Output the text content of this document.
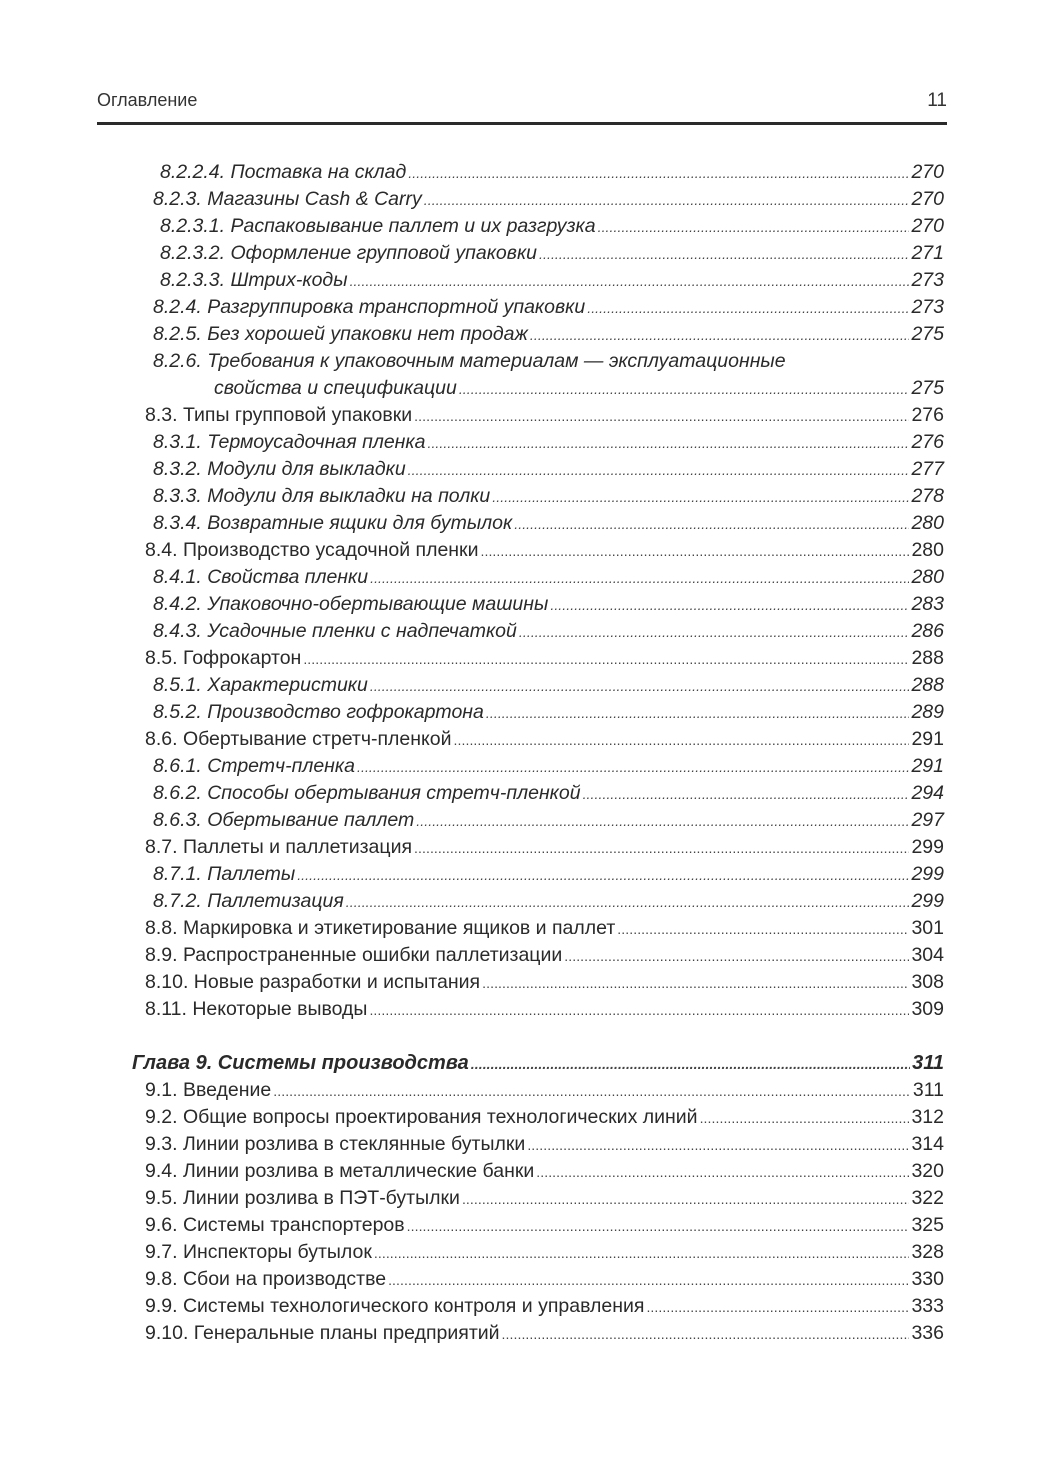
Оглавление	11
8.2.2.4. Поставка на склад . . .	270
8.2.3. Магазины Cash & Carry . . .	270
8.2.3.1. Распаковывание паллет и их разгрузка . . .	270
8.2.3.2. Оформление групповой упаковки . . .	271
8.2.3.3. Штрих-коды . . .	273
8.2.4. Разгруппировка транспортной упаковки . . .	273
8.2.5. Без хорошей упаковки нет продаж . . .	275
8.2.6. Требования к упаковочным материалам — эксплуатационные
свойства и спецификации . . .	275
8.3. Типы групповой упаковки . . .	276
8.3.1. Термоусадочная пленка . . .	276
8.3.2. Модули для выкладки . . .	277
8.3.3. Модули для выкладки на полки . . .	278
8.3.4. Возвратные ящики для бутылок . . .	280
8.4. Производство усадочной пленки . . .	280
8.4.1. Свойства пленки . . .	280
8.4.2. Упаковочно-обертывающие машины . . .	283
8.4.3. Усадочные пленки с надпечаткой . . .	286
8.5. Гофрокартон . . .	288
8.5.1. Характеристики . . .	288
8.5.2. Производство гофрокартона . . .	289
8.6. Обертывание стретч-пленкой . . .	291
8.6.1. Стретч-пленка . . .	291
8.6.2. Способы обертывания стретч-пленкой . . .	294
8.6.3. Обертывание паллет . . .	297
8.7. Паллеты и паллетизация . . .	299
8.7.1. Паллеты . . .	299
8.7.2. Паллетизация . . .	299
8.8. Маркировка и этикетирование ящиков и паллет . . .	301
8.9. Распространенные ошибки паллетизации . . .	304
8.10. Новые разработки и испытания . . .	308
8.11. Некоторые выводы . . .	309
Глава 9. Системы производства . . .	311
9.1. Введение . . .	311
9.2. Общие вопросы проектирования технологических линий . . .	312
9.3. Линии розлива в стеклянные бутылки . . .	314
9.4. Линии розлива в металлические банки . . .	320
9.5. Линии розлива в ПЭТ-бутылки . . .	322
9.6. Системы транспортеров . . .	325
9.7. Инспекторы бутылок . . .	328
9.8. Сбои на производстве . . .	330
9.9. Системы технологического контроля и управления . . .	333
9.10. Генеральные планы предприятий . . .	336
